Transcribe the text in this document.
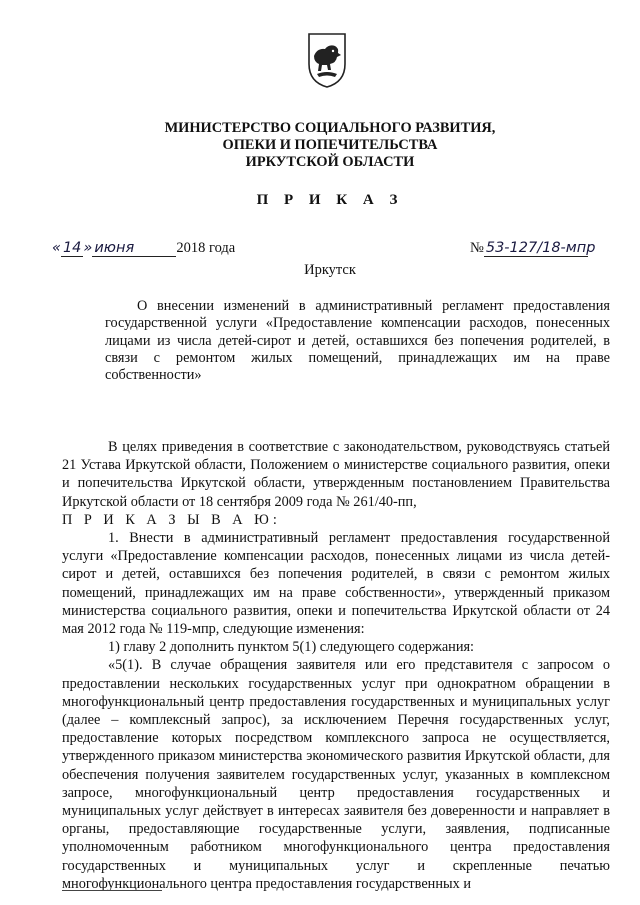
МИНИСТЕРСТВО СОЦИАЛЬНОГО РАЗВИТИЯ,
ОПЕКИ И ПОПЕЧИТЕЛЬСТВА
ИРКУТСКОЙ ОБЛАСТИ
П Р И К А З
« 14 » июня	2018 года	№ 53-127/18-мпр
Иркутск
О внесении изменений в административный регламент предоставления государственной услуги «Предоставление компенсации расходов, понесенных лицами из числа детей-сирот и детей, оставшихся без попечения родителей, в связи с ремонтом жилых помещений, принадлежащих им на праве собственности»

В целях приведения в соответствие с законодательством, руководствуясь статьей 21 Устава Иркутской области, Положением о министерстве социального развития, опеки и попечительства Иркутской области, утвержденным постановлением Правительства Иркутской области от 18 сентября 2009 года № 261/40-пп,

П Р И К А З Ы В А Ю:

1. Внести в административный регламент предоставления государственной услуги «Предоставление компенсации расходов, понесенных лицами из числа детей-сирот и детей, оставшихся без попечения родителей, в связи с ремонтом жилых помещений, принадлежащих им на праве собственности», утвержденный приказом министерства социального развития, опеки и попечительства Иркутской области от 24 мая 2012 года № 119-мпр, следующие изменения:

1) главу 2 дополнить пунктом 5(1) следующего содержания:

«5(1). В случае обращения заявителя или его представителя с запросом о предоставлении нескольких государственных услуг при однократном обращении в многофункциональный центр предоставления государственных и муниципальных услуг (далее – комплексный запрос), за исключением Перечня государственных услуг, предоставление которых посредством комплексного запроса не осуществляется, утвержденного приказом министерства экономического развития Иркутской области, для обеспечения получения заявителем государственных услуг, указанных в комплексном запросе, многофункциональный центр предоставления государственных и муниципальных услуг действует в интересах заявителя без доверенности и направляет в органы, предоставляющие государственные услуги, заявления, подписанные уполномоченным работником многофункционального центра предоставления государственных и муниципальных услуг и скрепленные печатью многофункционального центра предоставления государственных и
